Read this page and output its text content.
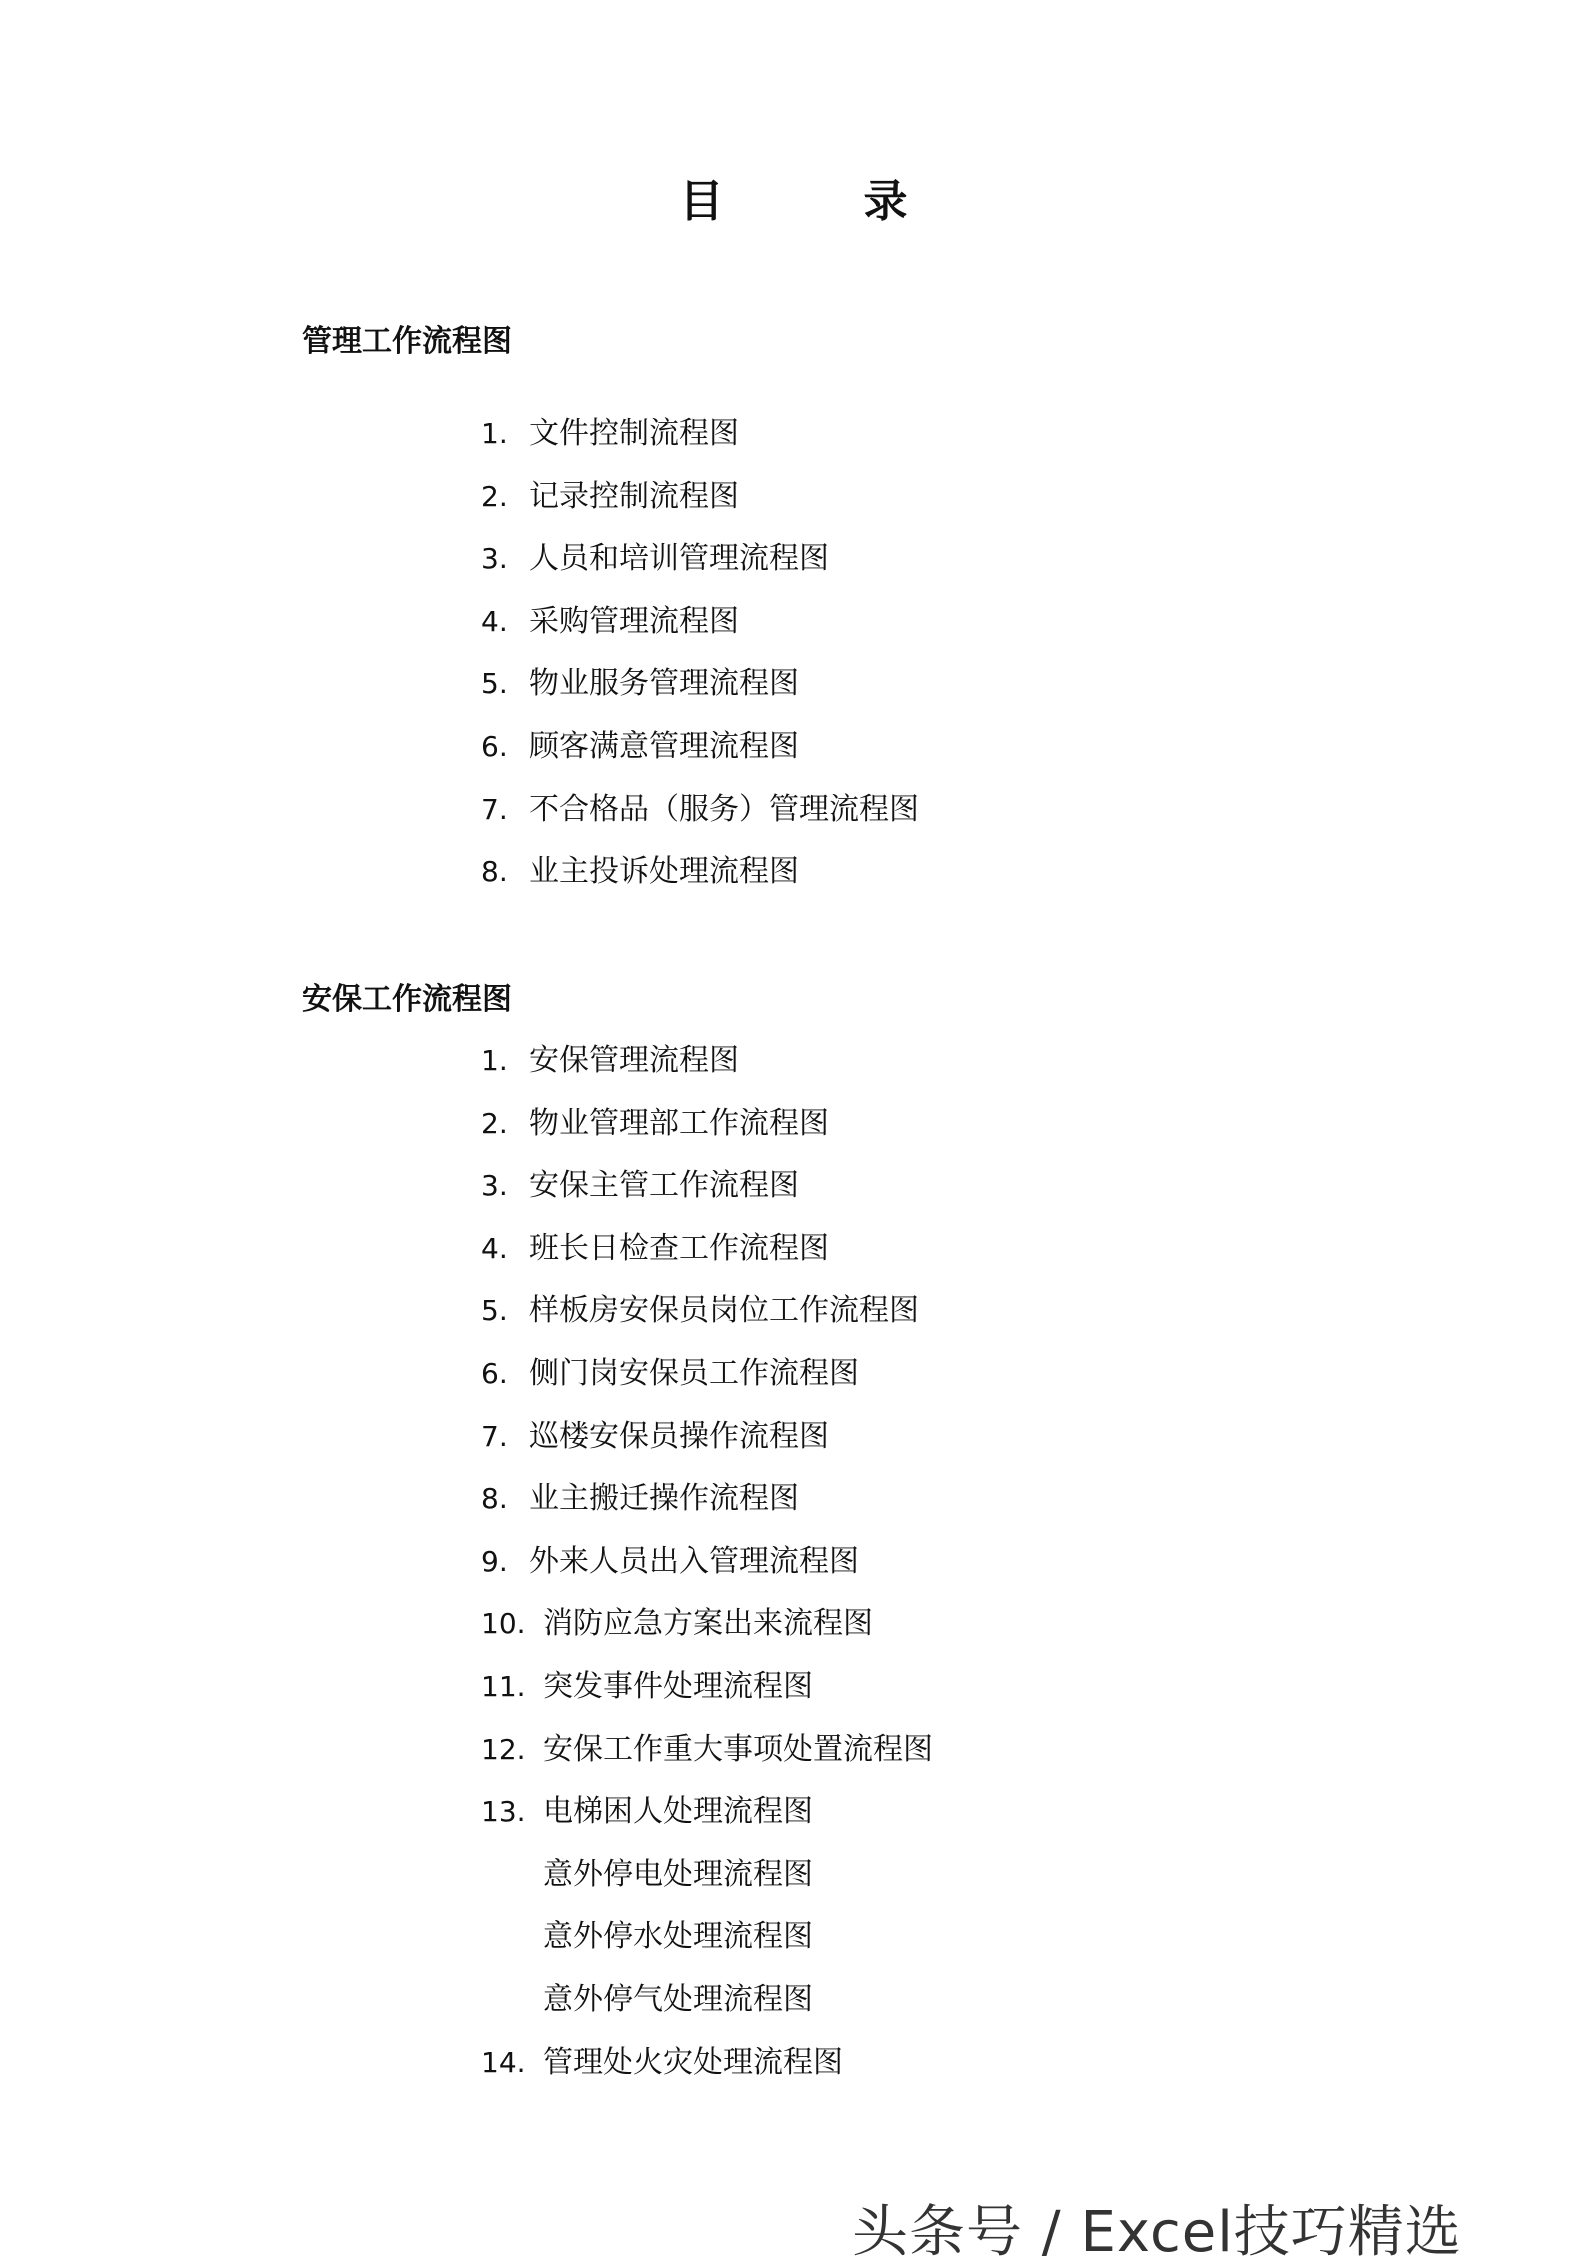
目　录
管理工作流程图
1. 文件控制流程图
2. 记录控制流程图
3. 人员和培训管理流程图
4. 采购管理流程图
5. 物业服务管理流程图
6. 顾客满意管理流程图
7. 不合格品（服务）管理流程图
8. 业主投诉处理流程图
安保工作流程图
1. 安保管理流程图
2. 物业管理部工作流程图
3. 安保主管工作流程图
4. 班长日检查工作流程图
5. 样板房安保员岗位工作流程图
6. 侧门岗安保员工作流程图
7. 巡楼安保员操作流程图
8. 业主搬迁操作流程图
9. 外来人员出入管理流程图
10. 消防应急方案出来流程图
11. 突发事件处理流程图
12. 安保工作重大事项处置流程图
13. 电梯困人处理流程图
意外停电处理流程图
意外停水处理流程图
意外停气处理流程图
14. 管理处火灾处理流程图
头条号 / Excel技巧精选
